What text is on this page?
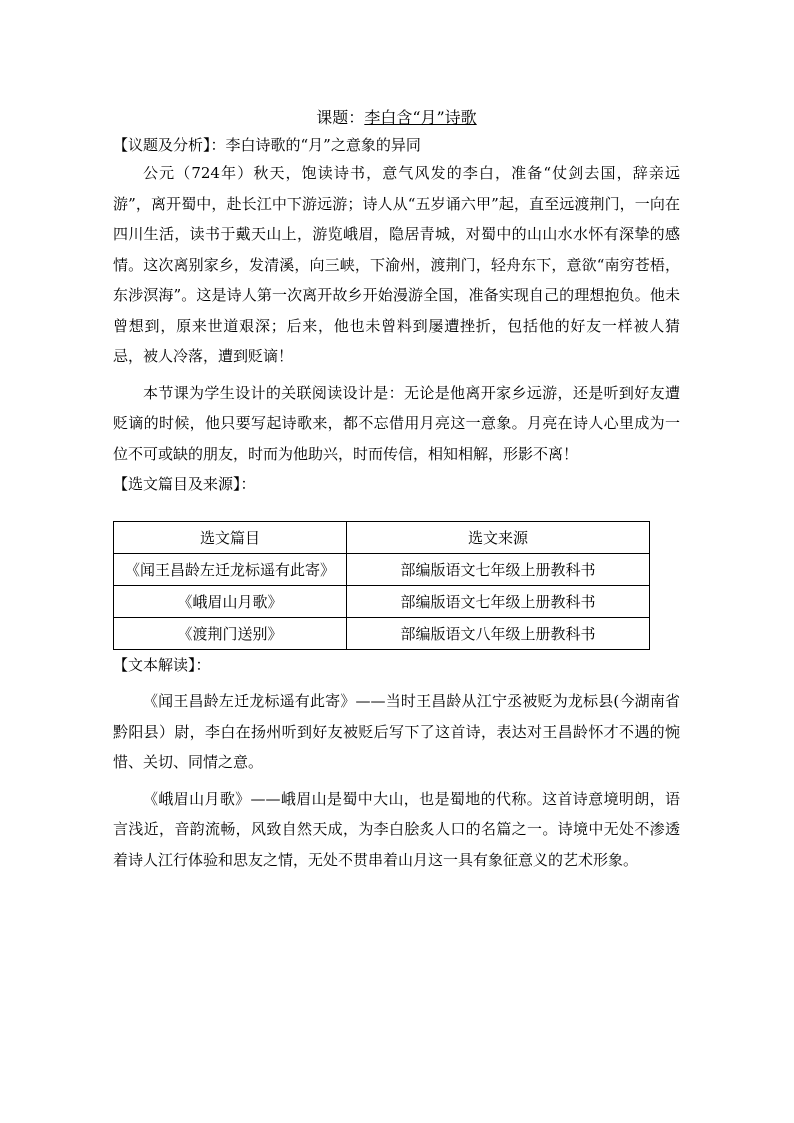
课题：李白含“月”诗歌

【议题及分析】：李白诗歌的“月”之意象的异同

公元（724年）秋天，饱读诗书，意气风发的李白，准备“仗剑去国，辞亲远游”，离开蜀中，赴长江中下游远游；诗人从“五岁诵六甲”起，直至远渡荆门，一向在四川生活，读书于戴天山上，游览峨眉，隐居青城，对蜀中的山山水水怀有深挚的感情。这次离别家乡，发清溪，向三峡，下渝州，渡荆门，轻舟东下，意欲“南穷苍梧，东涉溟海”。这是诗人第一次离开故乡开始漫游全国，准备实现自己的理想抱负。他未曾想到，原来世道艰深；后来，他也未曾料到屡遭挫折，包括他的好友一样被人猜忌，被人冷落，遭到贬谪！

本节课为学生设计的关联阅读设计是：无论是他离开家乡远游，还是听到好友遭贬谪的时候，他只要写起诗歌来，都不忘借用月亮这一意象。月亮在诗人心里成为一位不可或缺的朋友，时而为他助兴，时而传信，相知相解，形影不离！

【选文篇目及来源】：

选文篇目	选文来源
《闻王昌龄左迁龙标遥有此寄》	部编版语文七年级上册教科书
《峨眉山月歌》	部编版语文七年级上册教科书
《渡荆门送别》	部编版语文八年级上册教科书

【文本解读】：

《闻王昌龄左迁龙标遥有此寄》——当时王昌龄从江宁丞被贬为龙标县(今湖南省黔阳县）尉，李白在扬州听到好友被贬后写下了这首诗，表达对王昌龄怀才不遇的惋惜、关切、同情之意。

《峨眉山月歌》——峨眉山是蜀中大山，也是蜀地的代称。这首诗意境明朗，语言浅近，音韵流畅，风致自然天成，为李白脍炙人口的名篇之一。诗境中无处不渗透着诗人江行体验和思友之情，无处不贯串着山月这一具有象征意义的艺术形象。
